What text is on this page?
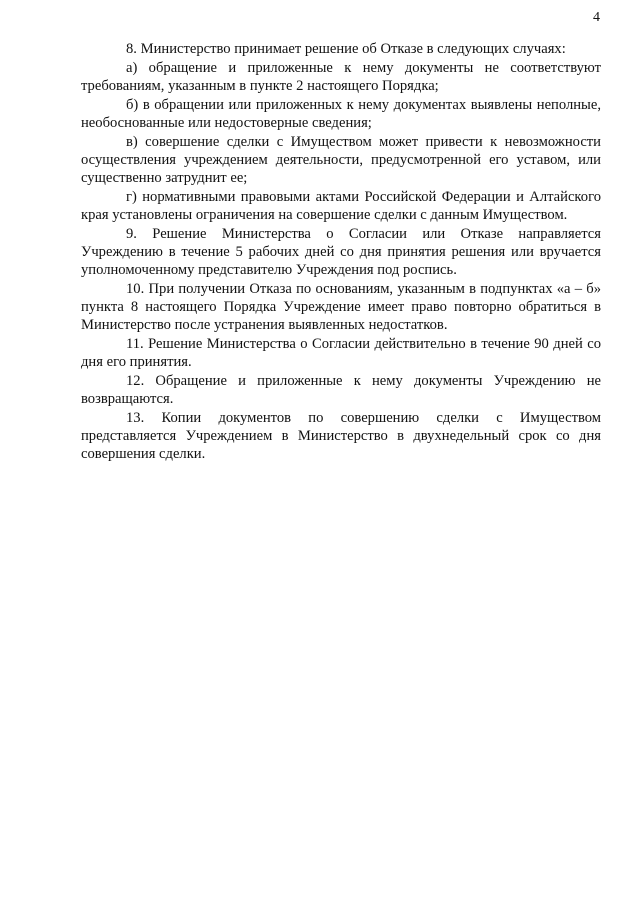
4

8. Министерство принимает решение об Отказе в следующих случаях:

а) обращение и приложенные к нему документы не соответствуют требованиям, указанным в пункте 2 настоящего Порядка;

б) в обращении или приложенных к нему документах выявлены неполные, необоснованные или недостоверные сведения;

в) совершение сделки с Имуществом может привести к невозможности осуществления учреждением деятельности, предусмотренной его уставом, или существенно затруднит ее;

г) нормативными правовыми актами Российской Федерации и Алтайского края установлены ограничения на совершение сделки с данным Имуществом.

9. Решение Министерства о Согласии или Отказе направляется Учреждению в течение 5 рабочих дней со дня принятия решения или вручается уполномоченному представителю Учреждения под роспись.

10. При получении Отказа по основаниям, указанным в подпунктах «а – б» пункта 8 настоящего Порядка Учреждение имеет право повторно обратиться в Министерство после устранения выявленных недостатков.

11. Решение Министерства о Согласии действительно в течение 90 дней со дня его принятия.

12. Обращение и приложенные к нему документы Учреждению не возвращаются.

13. Копии документов по совершению сделки с Имуществом представляется Учреждением в Министерство в двухнедельный срок со дня совершения сделки.
